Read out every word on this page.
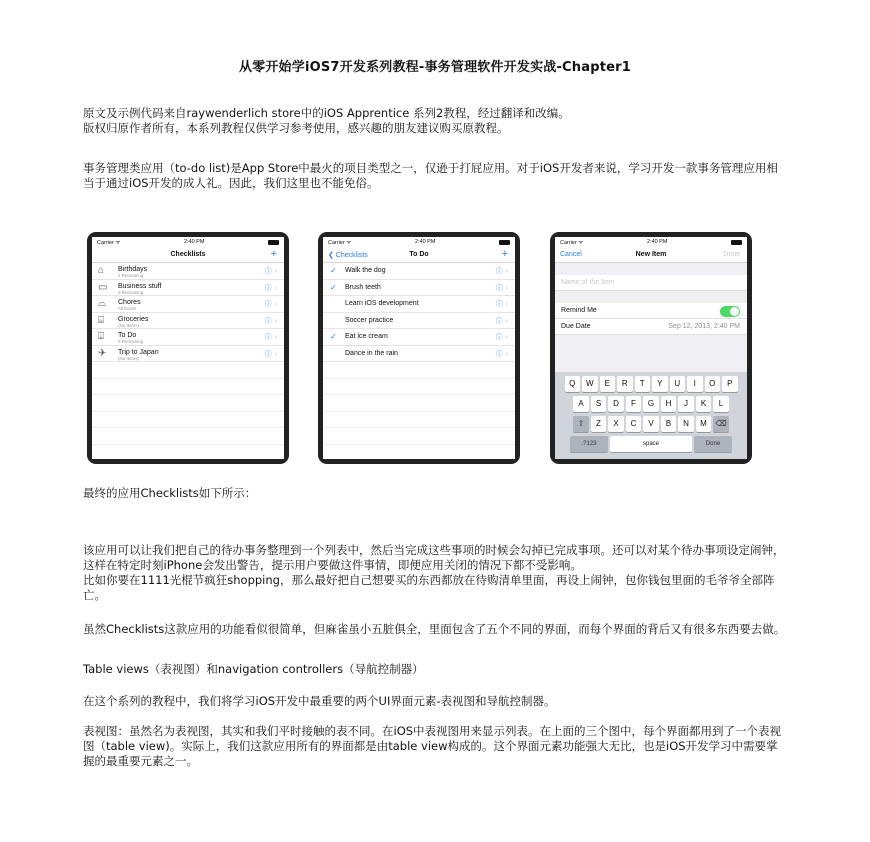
从零开始学iOS7开发系列教程-事务管理软件开发实战-Chapter1
原文及示例代码来自raywenderlich store中的iOS Apprentice 系列2教程，经过翻译和改编。
版权归原作者所有，本系列教程仅供学习参考使用，感兴趣的朋友建议购买原教程。
事务管理类应用（to-do list)是App Store中最火的项目类型之一，仅逊于打屁应用。对于iOS开发者来说，学习开发一款事务管理应用相当于通过iOS开发的成人礼。因此，我们这里也不能免俗。
Carrier ᯤ	2:40 PM
Checklists	+
⌂ Birthdays
2 Remaining
ⓘ ›
▭ Business stuff
3 Remaining
ⓘ ›
⌓ Chores
All Done!
ⓘ ›
⌸ Groceries
(No Items)
ⓘ ›
⍗ To Do
5 Remaining
ⓘ ›
✈ Trip to Japan
(No Items)
ⓘ ›
Carrier ᯤ	2:40 PM
❮ Checklists	To Do	+
✓ Walk the dog	ⓘ ›
✓ Brush teeth	ⓘ ›
Learn iOS development	ⓘ ›
Soccer practice	ⓘ ›
✓ Eat ice cream	ⓘ ›
Dance in the rain	ⓘ ›
Carrier ᯤ	2:40 PM
Cancel	New Item	Done
Name of the Item
Remind Me
Due Date	Sep 12, 2013, 2:40 PM
Q	W	E	R	T	Y	U	I	O	P
A	S	D	F	G	H	J	K	L
⇧	Z	X	C	V	B	N	M	⌫
.?123	space	Done
最终的应用Checklists如下所示：
该应用可以让我们把自己的待办事务整理到一个列表中，然后当完成这些事项的时候会勾掉已完成事项。还可以对某个待办事项设定闹钟，这样在特定时刻iPhone会发出警告，提示用户要做这件事情，即便应用关闭的情况下都不受影响。
比如你要在1111光棍节疯狂shopping，那么最好把自己想要买的东西都放在待购清单里面，再设上闹钟，包你钱包里面的毛爷爷全部阵亡。
虽然Checklists这款应用的功能看似很简单，但麻雀虽小五脏俱全，里面包含了五个不同的界面，而每个界面的背后又有很多东西要去做。
Table views（表视图）和navigation controllers（导航控制器）
在这个系列的教程中，我们将学习iOS开发中最重要的两个UI界面元素-表视图和导航控制器。
表视图：虽然名为表视图，其实和我们平时接触的表不同。在iOS中表视图用来显示列表。在上面的三个图中，每个界面都用到了一个表视图（table view)。实际上，我们这款应用所有的界面都是由table view构成的。这个界面元素功能强大无比，也是iOS开发学习中需要掌握的最重要元素之一。
